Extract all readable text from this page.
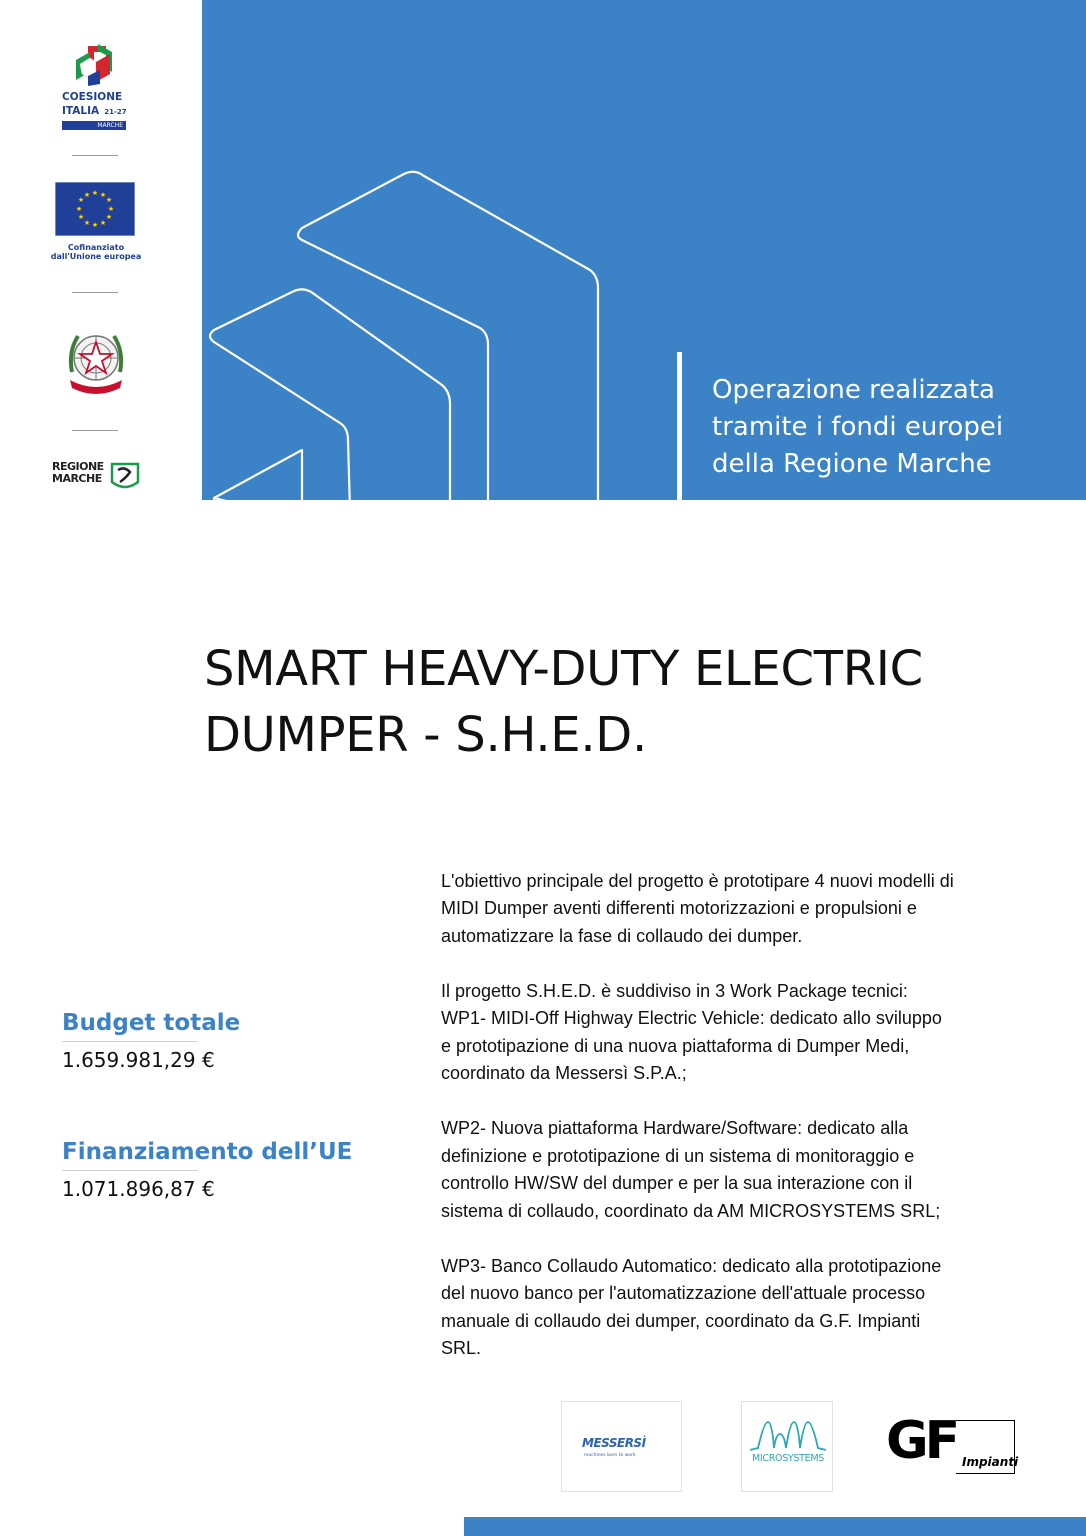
Operazione realizzata
tramite i fondi europei
della Regione Marche
COESIONE
ITALIA 21-27
MARCHE
★ ★
★
★
★
★
★
★
★
★
★
★
Cofinanziato
dall'Unione europea
REGIONE
MARCHE
SMART HEAVY-DUTY ELECTRIC
DUMPER - S.H.E.D.
Budget totale
1.659.981,29 €
Finanziamento dell’UE
1.071.896,87 €

L'obiettivo principale del progetto è prototipare 4 nuovi modelli di
MIDI Dumper aventi differenti motorizzazioni e propulsioni e
automatizzare la fase di collaudo dei dumper.

Il progetto S.H.E.D. è suddiviso in 3 Work Package tecnici:
WP1- MIDI-Off Highway Electric Vehicle: dedicato allo sviluppo
e prototipazione di una nuova piattaforma di Dumper Medi,
coordinato da Messersì S.P.A.;

WP2- Nuova piattaforma Hardware/Software: dedicato alla
definizione e prototipazione di un sistema di monitoraggio e
controllo HW/SW del dumper e per la sua interazione con il
sistema di collaudo, coordinato da AM MICROSYSTEMS SRL;

WP3- Banco Collaudo Automatico: dedicato alla prototipazione
del nuovo banco per l'automatizzazione dell'attuale processo
manuale di collaudo dei dumper, coordinato da G.F. Impianti
SRL.

MESSERSÌ
machines born to work	MICROSYSTEMS GF Impianti
